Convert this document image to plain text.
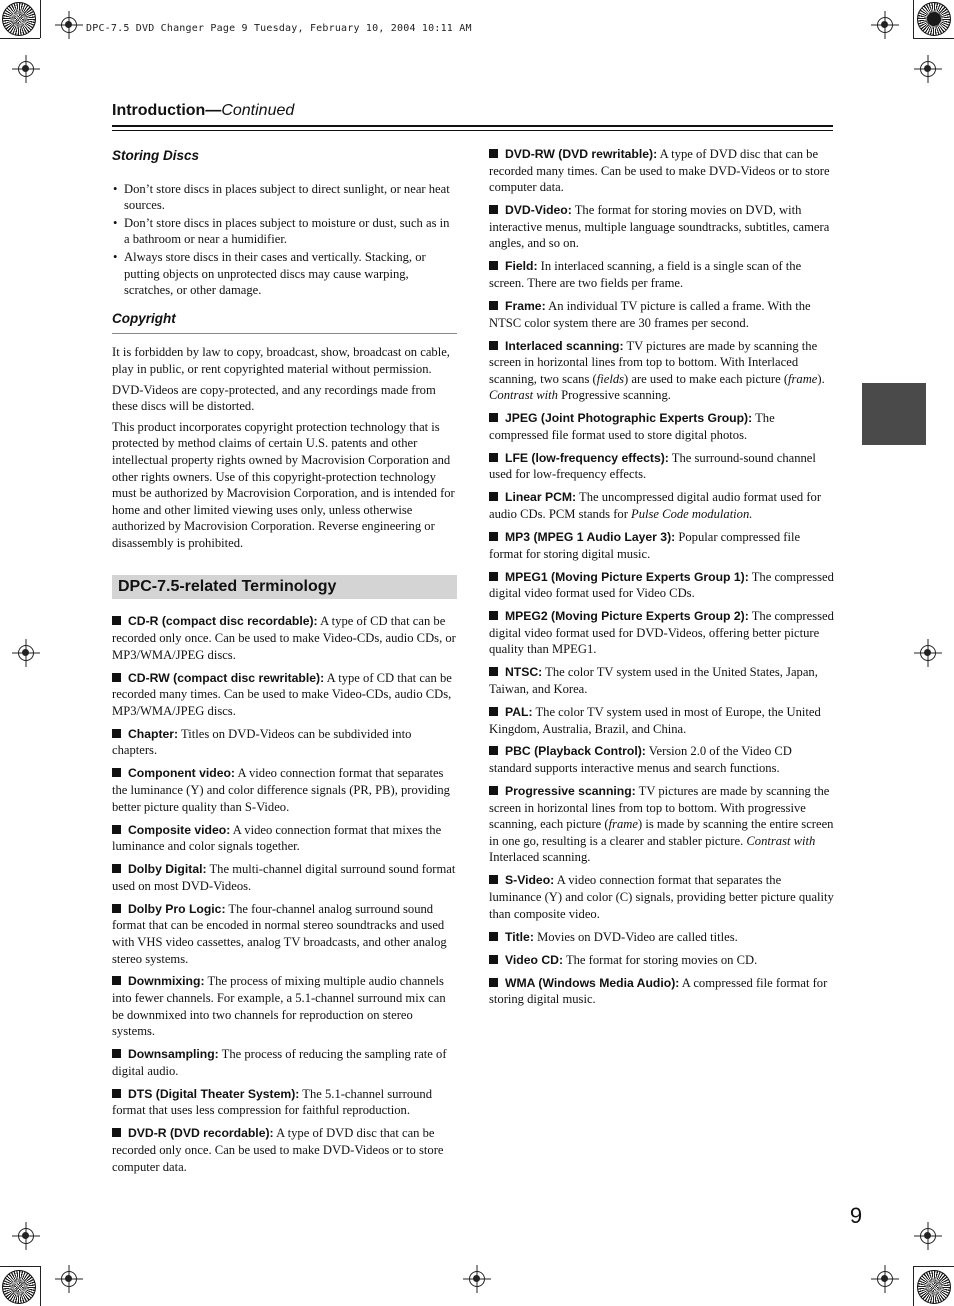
DPC-7.5 DVD Changer Page 9 Tuesday, February 10, 2004 10:11 AM
Introduction—Continued
9
Storing Discs
• Don’t store discs in places subject to direct sunlight, or near heat sources.
• Don’t store discs in places subject to moisture or dust, such as in a bathroom or near a humidifier.
• Always store discs in their cases and vertically. Stacking, or putting objects on unprotected discs may cause warping, scratches, or other damage.
Copyright

It is forbidden by law to copy, broadcast, show, broadcast on cable, play in public, or rent copyrighted material without permission.

DVD-Videos are copy-protected, and any recordings made from these discs will be distorted.

This product incorporates copyright protection technology that is protected by method claims of certain U.S. patents and other intellectual property rights owned by Macrovision Corporation and other rights owners. Use of this copyright-protection technology must be authorized by Macrovision Corporation, and is intended for home and other limited viewing uses only, unless otherwise authorized by Macrovision Corporation. Reverse engineering or disassembly is prohibited.

DPC-7.5-related Terminology
CD-R (compact disc recordable): A type of CD that can be recorded only once. Can be used to make Video-CDs, audio CDs, or MP3/WMA/JPEG discs.
CD-RW (compact disc rewritable): A type of CD that can be recorded many times. Can be used to make Video-CDs, audio CDs, MP3/WMA/JPEG discs.
Chapter: Titles on DVD-Videos can be subdivided into chapters.
Component video: A video connection format that separates the luminance (Y) and color difference signals (PR, PB), providing better picture quality than S-Video.
Composite video: A video connection format that mixes the luminance and color signals together.
Dolby Digital: The multi-channel digital surround sound format used on most DVD-Videos.
Dolby Pro Logic: The four-channel analog surround sound format that can be encoded in normal stereo soundtracks and used with VHS video cassettes, analog TV broadcasts, and other analog stereo systems.
Downmixing: The process of mixing multiple audio channels into fewer channels. For example, a 5.1-channel surround mix can be downmixed into two channels for reproduction on stereo systems.
Downsampling: The process of reducing the sampling rate of digital audio.
DTS (Digital Theater System): The 5.1-channel surround format that uses less compression for faithful reproduction.
DVD-R (DVD recordable): A type of DVD disc that can be recorded only once. Can be used to make DVD-Videos or to store computer data.
DVD-RW (DVD rewritable): A type of DVD disc that can be recorded many times. Can be used to make DVD-Videos or to store computer data.
DVD-Video: The format for storing movies on DVD, with interactive menus, multiple language soundtracks, subtitles, camera angles, and so on.
Field: In interlaced scanning, a field is a single scan of the screen. There are two fields per frame.
Frame: An individual TV picture is called a frame. With the NTSC color system there are 30 frames per second.
Interlaced scanning: TV pictures are made by scanning the screen in horizontal lines from top to bottom. With Interlaced scanning, two scans (fields) are used to make each picture (frame). Contrast with Progressive scanning.
JPEG (Joint Photographic Experts Group): The compressed file format used to store digital photos.
LFE (low-frequency effects): The surround-sound channel used for low-frequency effects.
Linear PCM: The uncompressed digital audio format used for audio CDs. PCM stands for Pulse Code modulation.
MP3 (MPEG 1 Audio Layer 3): Popular compressed file format for storing digital music.
MPEG1 (Moving Picture Experts Group 1): The compressed digital video format used for Video CDs.
MPEG2 (Moving Picture Experts Group 2): The compressed digital video format used for DVD-Videos, offering better picture quality than MPEG1.
NTSC: The color TV system used in the United States, Japan, Taiwan, and Korea.
PAL: The color TV system used in most of Europe, the United Kingdom, Australia, Brazil, and China.
PBC (Playback Control): Version 2.0 of the Video CD standard supports interactive menus and search functions.
Progressive scanning: TV pictures are made by scanning the screen in horizontal lines from top to bottom. With progressive scanning, each picture (frame) is made by scanning the entire screen in one go, resulting is a clearer and stabler picture. Contrast with Interlaced scanning.
S-Video: A video connection format that separates the luminance (Y) and color (C) signals, providing better picture quality than composite video.
Title: Movies on DVD-Video are called titles.
Video CD: The format for storing movies on CD.
WMA (Windows Media Audio): A compressed file format for storing digital music.
